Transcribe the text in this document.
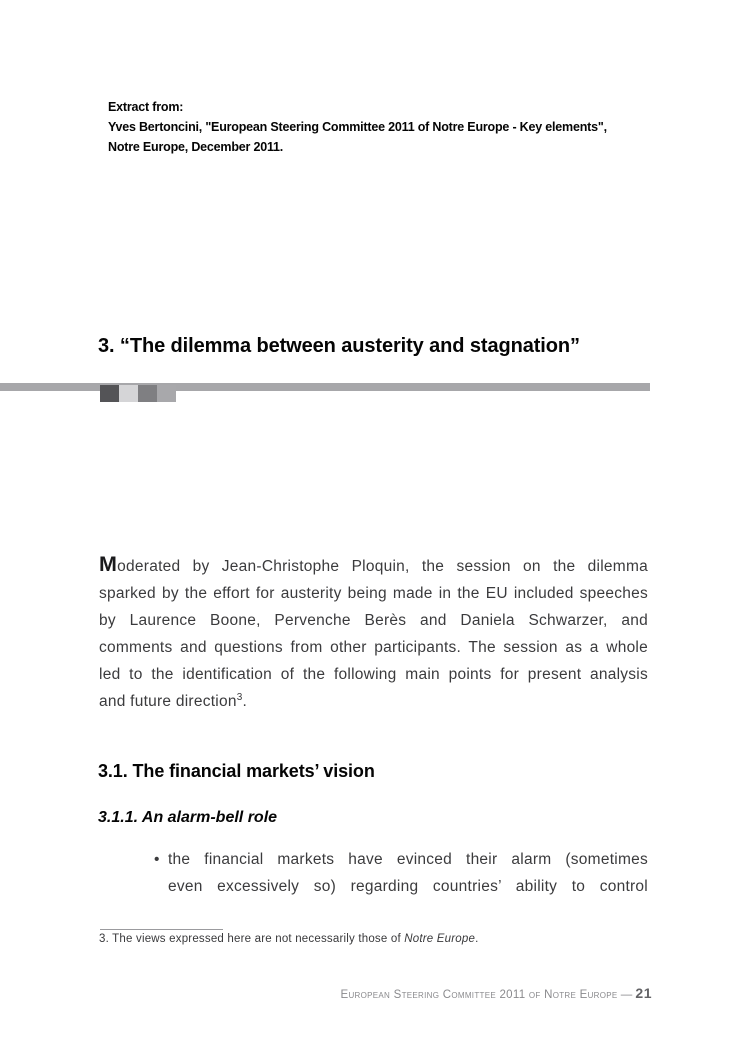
Extract from:
Yves Bertoncini, "European Steering Committee 2011 of Notre Europe - Key elements",
Notre Europe, December 2011.
3. “The dilemma between austerity and stagnation”
Moderated by Jean-Christophe Ploquin, the session on the dilemma
sparked by the effort for austerity being made in the EU included speeches
by Laurence Boone, Pervenche Berès and Daniela Schwarzer, and
comments and questions from other participants. The session as a whole
led to the identification of the following main points for present analysis
and future direction$^3$.
3.1. The financial markets’ vision
3.1.1. An alarm-bell role
• the financial markets have evinced their alarm (sometimes
even excessively so) regarding countries’ ability to control
3. The views expressed here are not necessarily those of Notre Europe.
European Steering Committee 2011 of Notre Europe — 21
